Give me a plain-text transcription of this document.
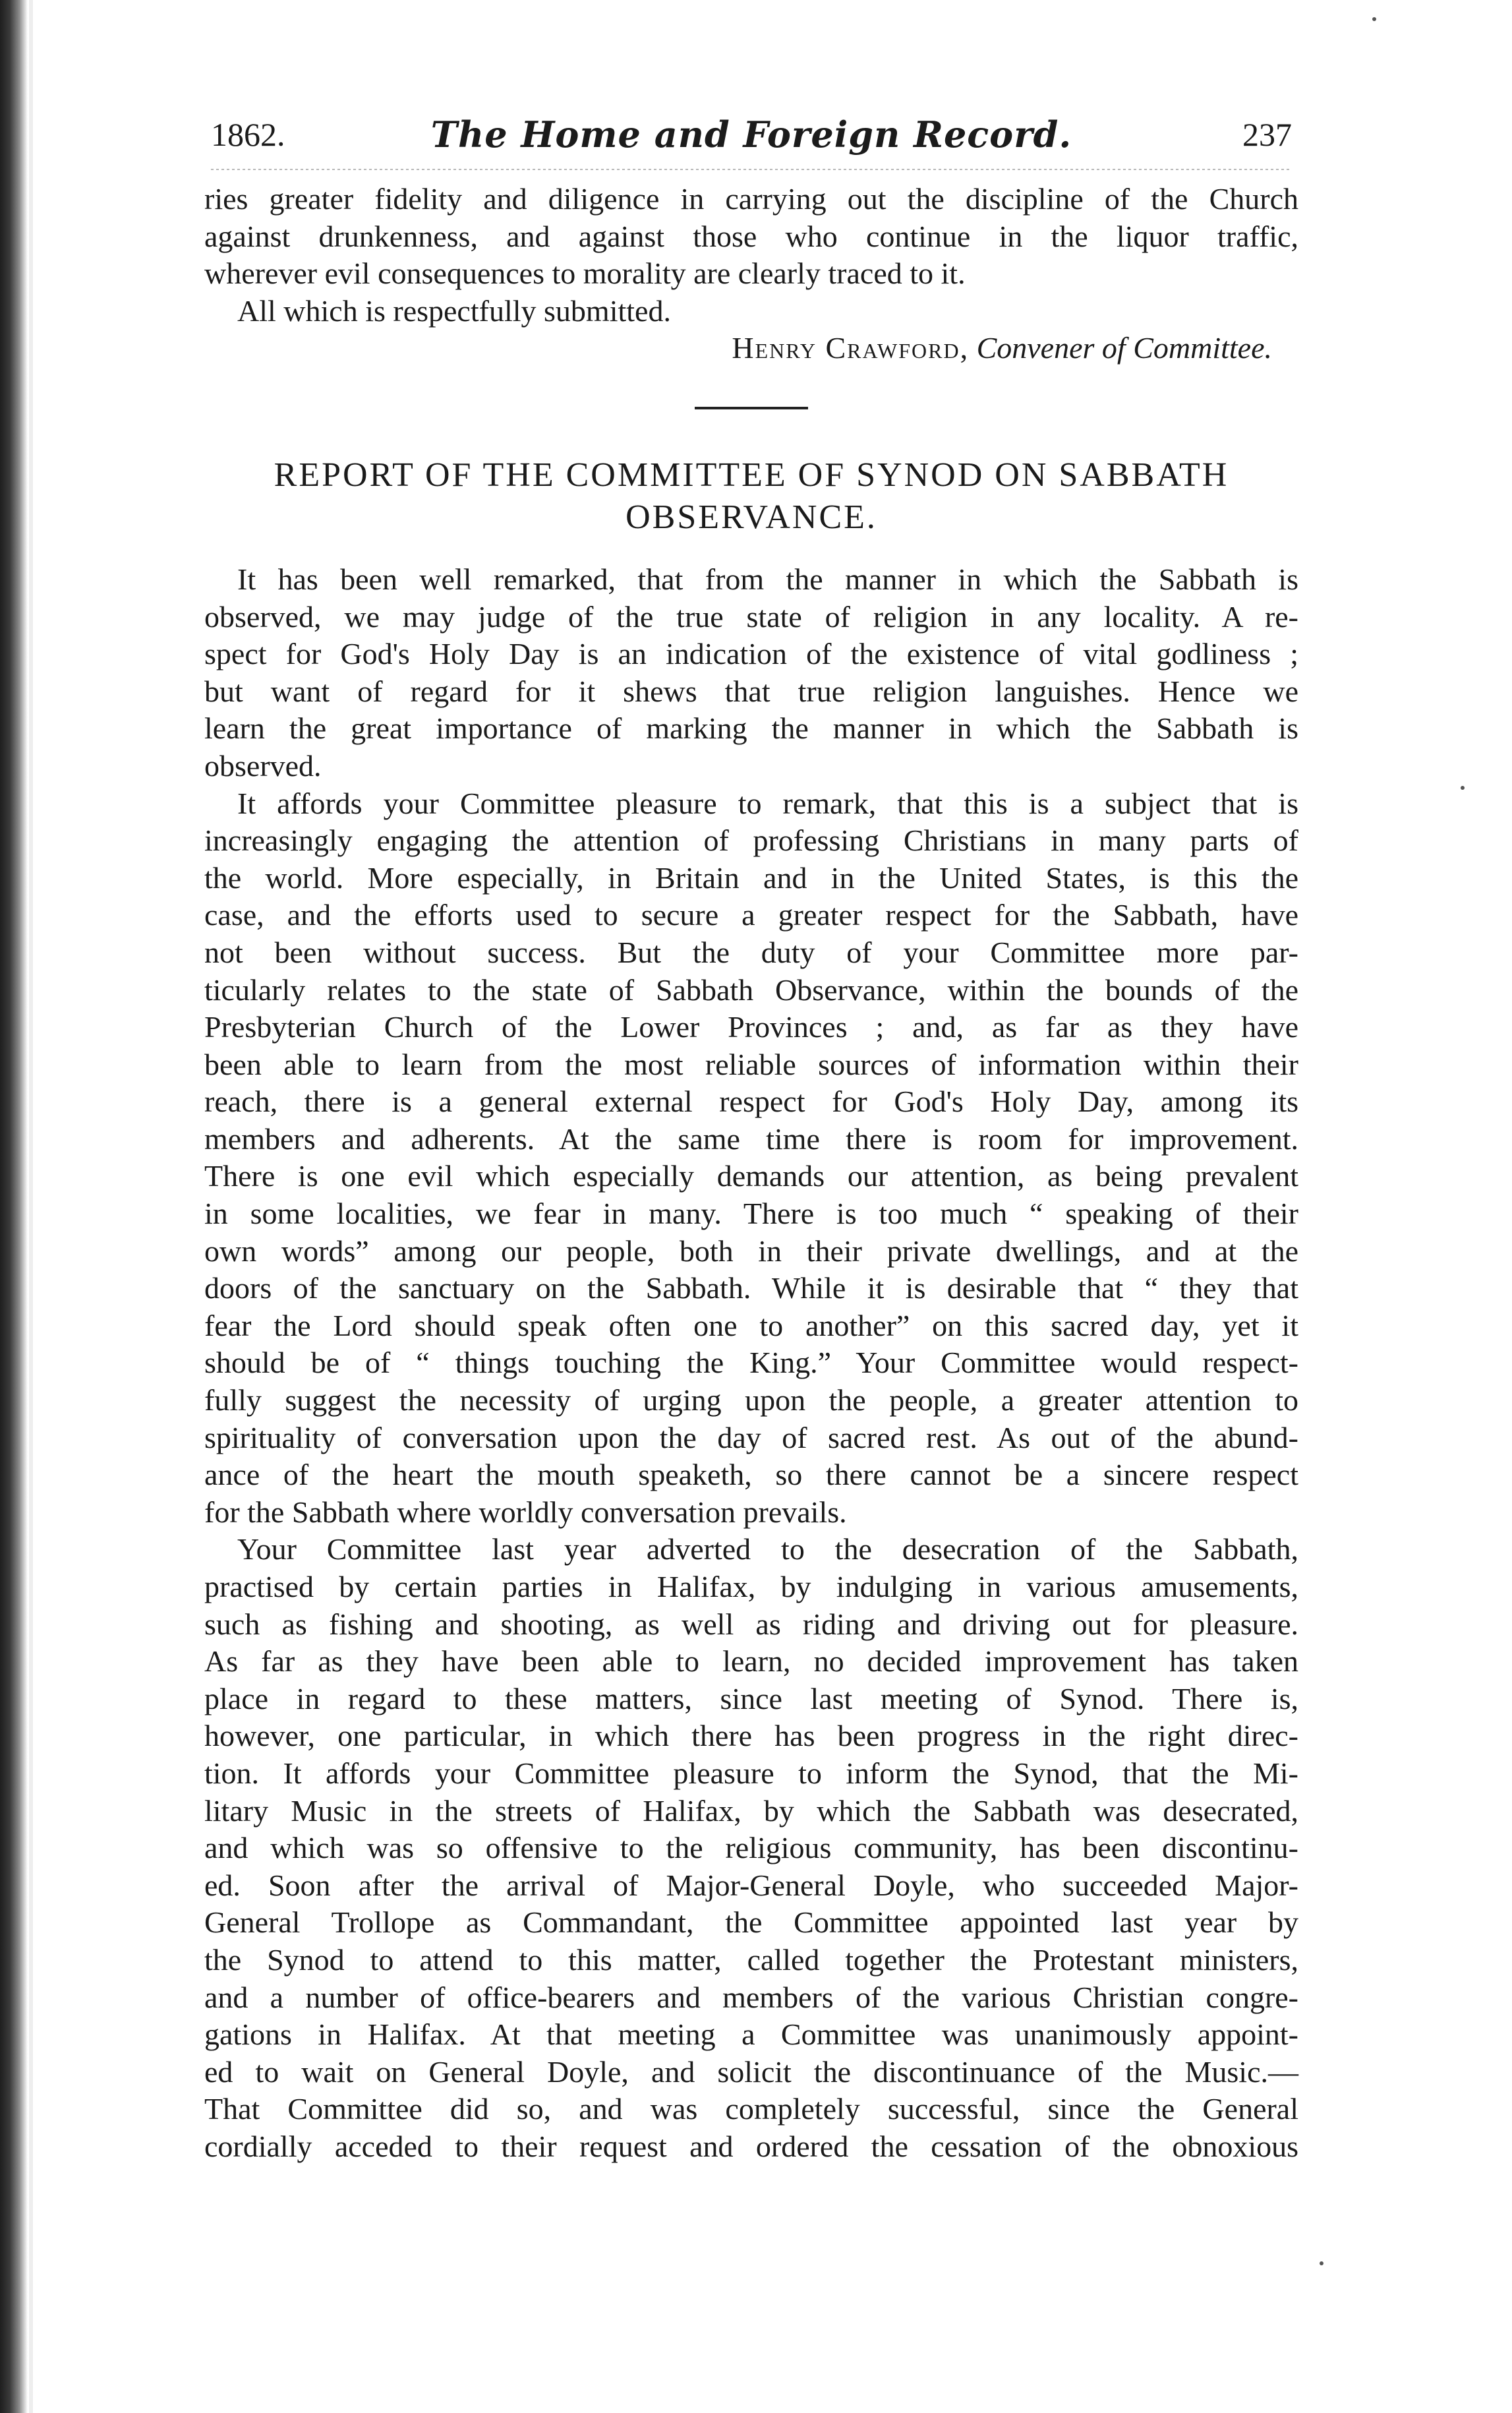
1862.	The Home and Foreign Record.	237

ries greater fidelity and diligence in carrying out the discipline of the Church
against drunkenness, and against those who continue in the liquor traffic,
wherever evil consequences to morality are clearly traced to it.

All which is respectfully submitted.

Henry Crawford, Convener of Committee.

REPORT OF THE COMMITTEE OF SYNOD ON SABBATH
OBSERVANCE.

It has been well remarked, that from the manner in which the Sabbath is
observed, we may judge of the true state of religion in any locality. A re-
spect for God's Holy Day is an indication of the existence of vital godliness ;
but want of regard for it shews that true religion languishes. Hence we
learn the great importance of marking the manner in which the Sabbath is
observed.

It affords your Committee pleasure to remark, that this is a subject that is
increasingly engaging the attention of professing Christians in many parts of
the world. More especially, in Britain and in the United States, is this the
case, and the efforts used to secure a greater respect for the Sabbath, have
not been without success. But the duty of your Committee more par-
ticularly relates to the state of Sabbath Observance, within the bounds of the
Presbyterian Church of the Lower Provinces ; and, as far as they have
been able to learn from the most reliable sources of information within their
reach, there is a general external respect for God's Holy Day, among its
members and adherents. At the same time there is room for improvement.
There is one evil which especially demands our attention, as being prevalent
in some localities, we fear in many. There is too much “ speaking of their
own words” among our people, both in their private dwellings, and at the
doors of the sanctuary on the Sabbath. While it is desirable that “ they that
fear the Lord should speak often one to another” on this sacred day, yet it
should be of “ things touching the King.” Your Committee would respect-
fully suggest the necessity of urging upon the people, a greater attention to
spirituality of conversation upon the day of sacred rest. As out of the abund-
ance of the heart the mouth speaketh, so there cannot be a sincere respect
for the Sabbath where worldly conversation prevails.

Your Committee last year adverted to the desecration of the Sabbath,
practised by certain parties in Halifax, by indulging in various amusements,
such as fishing and shooting, as well as riding and driving out for pleasure.
As far as they have been able to learn, no decided improvement has taken
place in regard to these matters, since last meeting of Synod. There is,
however, one particular, in which there has been progress in the right direc-
tion. It affords your Committee pleasure to inform the Synod, that the Mi-
litary Music in the streets of Halifax, by which the Sabbath was desecrated,
and which was so offensive to the religious community, has been discontinu-
ed. Soon after the arrival of Major-General Doyle, who succeeded Major-
General Trollope as Commandant, the Committee appointed last year by
the Synod to attend to this matter, called together the Protestant ministers,
and a number of office-bearers and members of the various Christian congre-
gations in Halifax. At that meeting a Committee was unanimously appoint-
ed to wait on General Doyle, and solicit the discontinuance of the Music.—
That Committee did so, and was completely successful, since the General
cordially acceded to their request and ordered the cessation of the obnoxious
